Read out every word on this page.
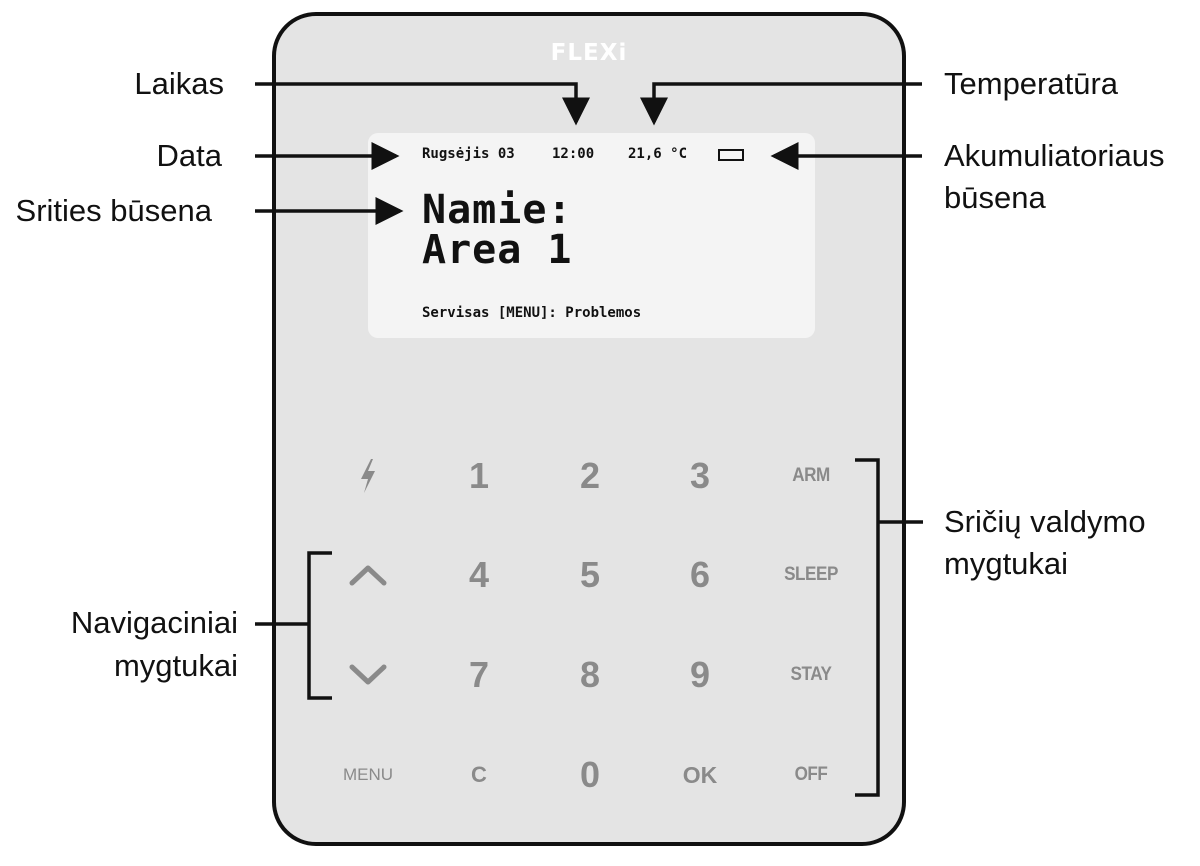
FLEXi
Rugsėjis 03	12:00 21,6 °C
Namie:
Area 1
Servisas [MENU]: Problemos
1	2	3	ARM
4	5	6	SLEEP
7	8	9	STAY
MENU	C	0	OK	OFF
Laikas	Temperatūra
Data	Akumuliatoriaus
būsena
Srities būsena
Sričių valdymo
mygtukai
Navigaciniai
mygtukai
